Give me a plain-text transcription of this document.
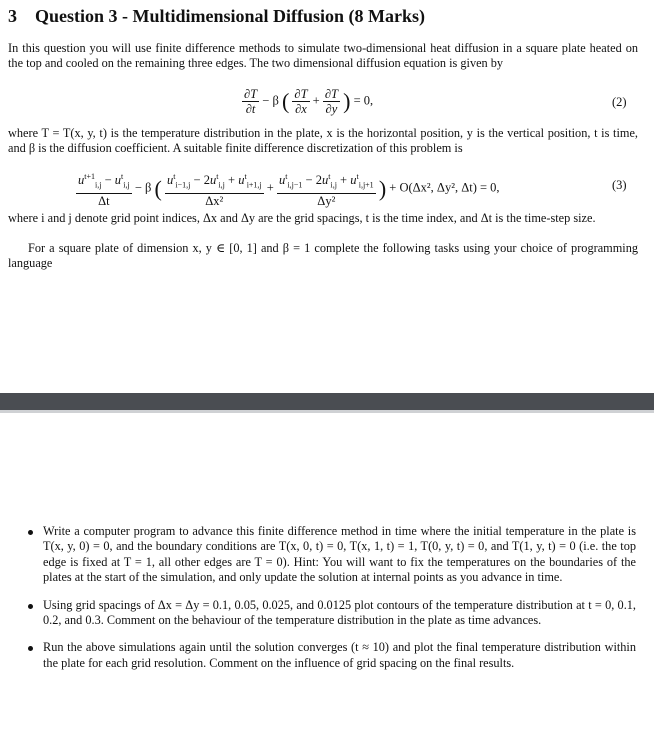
3 Question 3 - Multidimensional Diffusion (8 Marks)
In this question you will use finite difference methods to simulate two-dimensional heat diffusion in a square plate heated on the top and cooled on the remaining three edges. The two dimensional diffusion equation is given by
$\frac{\partial T}{\partial t} - \beta$ ( $\frac{\partial T}{\partial x} + \frac{\partial T}{\partial y}$ ) = 0,	(2)
where T = T(x, y, t) is the temperature distribution in the plate, x is the horizontal position, y is the vertical position, t is time, and β is the diffusion coefficient. A suitable finite difference discretization of this problem is
$\frac{u^{t+1}_{i,j} - u^t_{i,j}}{\Delta t} - \beta$ ( $\frac{u^t_{i-1,j} - 2u^t_{i,j} + u^t_{i+1,j}}{\text{Δx²}} + \frac{u^t_{i,j-1} - 2u^t_{i,j} + u^t_{i,j+1}}{\text{Δy²}}$ ) + O(Δx², Δy², Δt) = 0,	(3)
where i and j denote grid point indices, Δx and Δy are the grid spacings, t is the time index, and Δt is the time-step size.
For a square plate of dimension x, y ∈ [0, 1] and β = 1 complete the following tasks using your choice of programming language
Write a computer program to advance this finite difference method in time where the initial temperature in the plate is T(x, y, 0) = 0, and the boundary conditions are T(x, 0, t) = 0, T(x, 1, t) = 1, T(0, y, t) = 0, and T(1, y, t) = 0 (i.e. the top edge is fixed at T = 1, all other edges are T = 0). Hint: You will want to fix the temperatures on the boundaries of the plates at the start of the simulation, and only update the solution at internal points as you advance in time.
Using grid spacings of Δx = Δy = 0.1, 0.05, 0.025, and 0.0125 plot contours of the temperature distribution at t = 0, 0.1, 0.2, and 0.3. Comment on the behaviour of the temperature distribution in the plate as time advances.
Run the above simulations again until the solution converges (t ≈ 10) and plot the final temperature distribution within the plate for each grid resolution. Comment on the influence of grid spacing on the final results.
